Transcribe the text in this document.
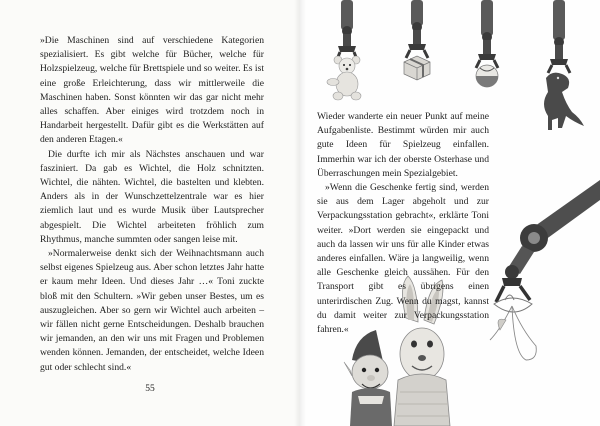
»Die Maschinen sind auf verschiedene Kategorien spezialisiert. Es gibt welche für Bücher, welche für Holzspielzeug, welche für Brettspiele und so weiter. Es ist eine große Erleichterung, dass wir mittlerweile die Maschinen haben. Sonst könnten wir das gar nicht mehr alles schaffen. Aber einiges wird trotzdem noch in Handarbeit hergestellt. Dafür gibt es die Werkstätten auf den anderen Etagen.«

Die durfte ich mir als Nächstes anschauen und war fasziniert. Da gab es Wichtel, die Holz schnitzten. Wichtel, die nähten. Wichtel, die bastelten und klebten. Anders als in der Wunschzettelzentrale war es hier ziemlich laut und es wurde Musik über Lautsprecher abgespielt. Die Wichtel arbeiteten fröhlich zum Rhythmus, manche summten oder sangen leise mit.

»Normalerweise denkt sich der Weihnachtsmann auch selbst eigenes Spielzeug aus. Aber schon letztes Jahr hatte er kaum mehr Ideen. Und dieses Jahr …« Toni zuckte bloß mit den Schultern. »Wir geben unser Bestes, um es auszugleichen. Aber so gern wir Wichtel auch arbeiten – wir fällen nicht gerne Entscheidungen. Deshalb brauchen wir jemanden, an den wir uns mit Fragen und Problemen wenden können. Jemanden, der entscheidet, welche Ideen gut oder schlecht sind.«

55

Wieder wanderte ein neuer Punkt auf meine Aufgabenliste. Bestimmt würden mir auch gute Ideen für Spielzeug einfallen. Immerhin war ich der oberste Osterhase und Überraschungen mein Spezialgebiet.

»Wenn die Geschenke fertig sind, werden sie aus dem Lager abgeholt und zur Verpackungsstation gebracht«, erklärte Toni weiter. »Dort werden sie eingepackt und auch da lassen wir uns für alle Kinder etwas anderes einfallen. Wäre ja langweilig, wenn alle Geschenke gleich aussähen. Für den Transport gibt es übrigens einen unterirdischen Zug. Wenn du magst, kannst du damit weiter zur Verpackungsstation fahren.«
